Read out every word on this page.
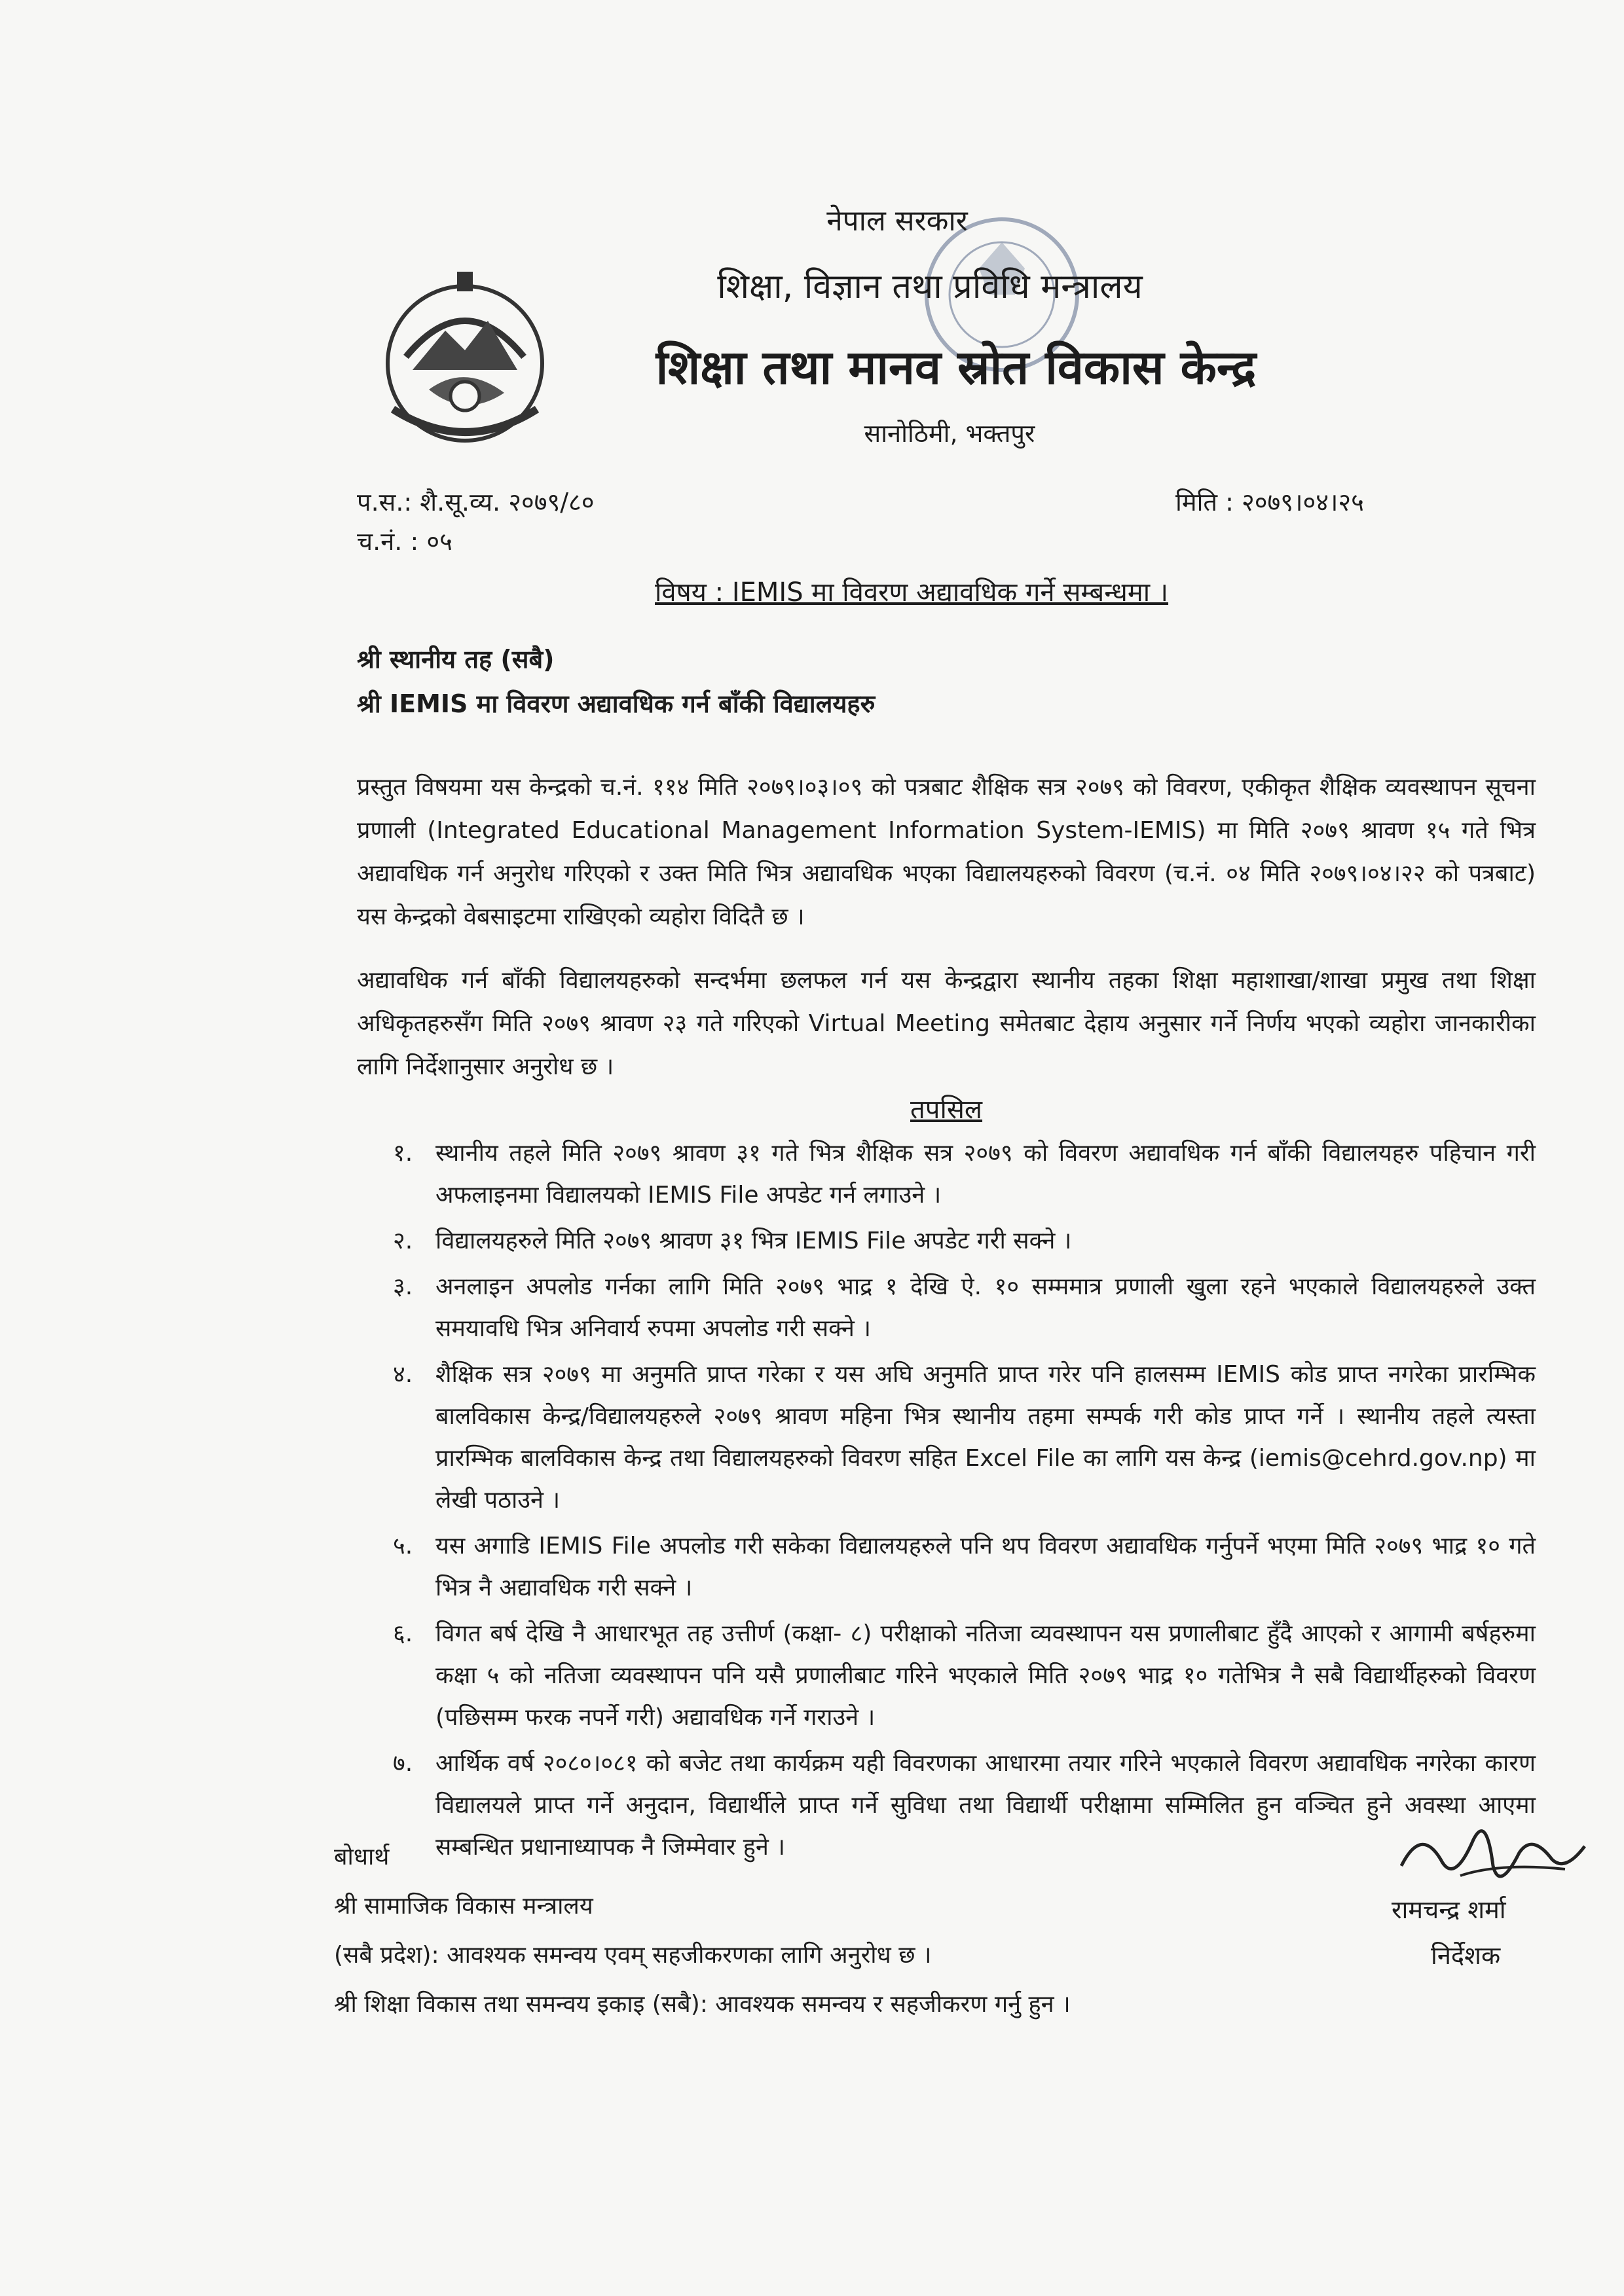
नेपाल सरकार
शिक्षा, विज्ञान तथा प्रविधि मन्त्रालय
शिक्षा तथा मानव स्रोत विकास केन्द्र
सानोठिमी, भक्तपुर
प.स.: शै.सू.व्य. २०७९/८०
च.नं. : ०५
मिति : २०७९।०४।२५
विषय : IEMIS मा विवरण अद्यावधिक गर्ने सम्बन्धमा ।
श्री स्थानीय तह (सबै)
श्री IEMIS मा विवरण अद्यावधिक गर्न बाँकी विद्यालयहरु
प्रस्तुत विषयमा यस केन्द्रको च.नं. ११४ मिति २०७९।०३।०९ को पत्रबाट शैक्षिक सत्र २०७९ को विवरण, एकीकृत शैक्षिक व्यवस्थापन सूचना प्रणाली (Integrated Educational Management Information System-IEMIS) मा मिति २०७९ श्रावण १५ गते भित्र अद्यावधिक गर्न अनुरोध गरिएको र उक्त मिति भित्र अद्यावधिक भएका विद्यालयहरुको विवरण (च.नं. ०४ मिति २०७९।०४।२२ को पत्रबाट) यस केन्द्रको वेबसाइटमा राखिएको व्यहोरा विदितै छ ।
अद्यावधिक गर्न बाँकी विद्यालयहरुको सन्दर्भमा छलफल गर्न यस केन्द्रद्वारा स्थानीय तहका शिक्षा महाशाखा/शाखा प्रमुख तथा शिक्षा अधिकृतहरुसँग मिति २०७९ श्रावण २३ गते गरिएको Virtual Meeting समेतबाट देहाय अनुसार गर्ने निर्णय भएको व्यहोरा जानकारीका लागि निर्देशानुसार अनुरोध छ ।
तपसिल
१. स्थानीय तहले मिति २०७९ श्रावण ३१ गते भित्र शैक्षिक सत्र २०७९ को विवरण अद्यावधिक गर्न बाँकी विद्यालयहरु पहिचान गरी अफलाइनमा विद्यालयको IEMIS File अपडेट गर्न लगाउने ।
२. विद्यालयहरुले मिति २०७९ श्रावण ३१ भित्र IEMIS File अपडेट गरी सक्ने ।
३. अनलाइन अपलोड गर्नका लागि मिति २०७९ भाद्र १ देखि ऐ. १० सम्ममात्र प्रणाली खुला रहने भएकाले विद्यालयहरुले उक्त समयावधि भित्र अनिवार्य रुपमा अपलोड गरी सक्ने ।
४. शैक्षिक सत्र २०७९ मा अनुमति प्राप्त गरेका र यस अघि अनुमति प्राप्त गरेर पनि हालसम्म IEMIS कोड प्राप्त नगरेका प्रारम्भिक बालविकास केन्द्र/विद्यालयहरुले २०७९ श्रावण महिना भित्र स्थानीय तहमा सम्पर्क गरी कोड प्राप्त गर्ने । स्थानीय तहले त्यस्ता प्रारम्भिक बालविकास केन्द्र तथा विद्यालयहरुको विवरण सहित Excel File का लागि यस केन्द्र (iemis@cehrd.gov.np) मा लेखी पठाउने ।
५. यस अगाडि IEMIS File अपलोड गरी सकेका विद्यालयहरुले पनि थप विवरण अद्यावधिक गर्नुपर्ने भएमा मिति २०७९ भाद्र १० गते भित्र नै अद्यावधिक गरी सक्ने ।
६. विगत बर्ष देखि नै आधारभूत तह उत्तीर्ण (कक्षा- ८) परीक्षाको नतिजा व्यवस्थापन यस प्रणालीबाट हुँदै आएको र आगामी बर्षहरुमा कक्षा ५ को नतिजा व्यवस्थापन पनि यसै प्रणालीबाट गरिने भएकाले मिति २०७९ भाद्र १० गतेभित्र नै सबै विद्यार्थीहरुको विवरण (पछिसम्म फरक नपर्ने गरी) अद्यावधिक गर्ने गराउने ।
७. आर्थिक वर्ष २०८०।०८१ को बजेट तथा कार्यक्रम यही विवरणका आधारमा तयार गरिने भएकाले विवरण अद्यावधिक नगरेका कारण विद्यालयले प्राप्त गर्ने अनुदान, विद्यार्थीले प्राप्त गर्ने सुविधा तथा विद्यार्थी परीक्षामा सम्मिलित हुन वञ्चित हुने अवस्था आएमा सम्बन्धित प्रधानाध्यापक नै जिम्मेवार हुने ।
बोधार्थ
श्री सामाजिक विकास मन्त्रालय
(सबै प्रदेश): आवश्यक समन्वय एवम् सहजीकरणका लागि अनुरोध छ ।
श्री शिक्षा विकास तथा समन्वय इकाइ (सबै): आवश्यक समन्वय र सहजीकरण गर्नु हुन ।
रामचन्द्र शर्मा
निर्देशक
